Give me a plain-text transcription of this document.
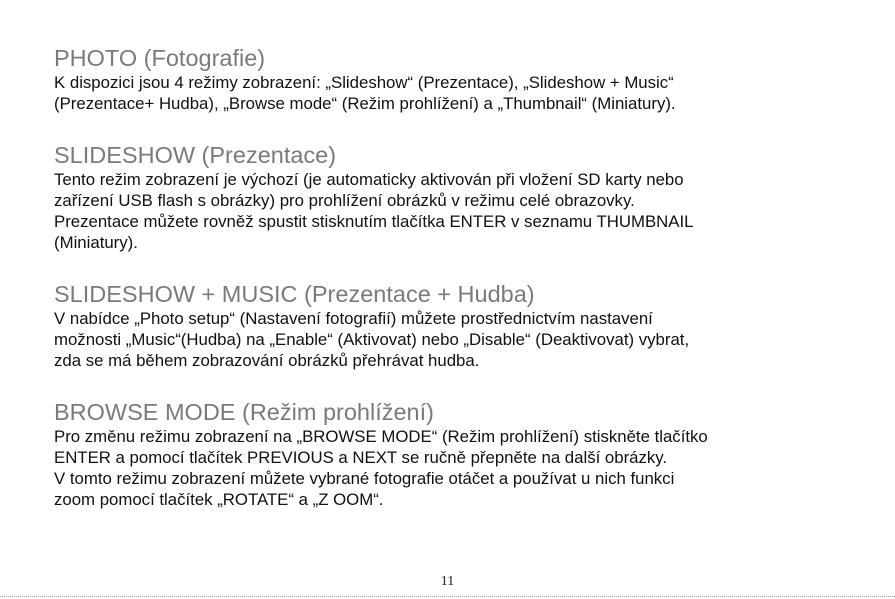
PHOTO (Fotografie)

K dispozici jsou 4 režimy zobrazení: „Slideshow“ (Prezentace), „Slideshow + Music“
(Prezentace+ Hudba), „Browse mode“ (Režim prohlížení) a „Thumbnail“ (Miniatury).

SLIDESHOW (Prezentace)

Tento režim zobrazení je výchozí (je automaticky aktivován při vložení SD karty nebo
zařízení USB flash s obrázky) pro prohlížení obrázků v režimu celé obrazovky.
Prezentace můžete rovněž spustit stisknutím tlačítka ENTER v seznamu THUMBNAIL
(Miniatury).

SLIDESHOW + MUSIC (Prezentace + Hudba)

V nabídce „Photo setup“ (Nastavení fotografií) můžete prostřednictvím nastavení
možnosti „Music“(Hudba) na „Enable“ (Aktivovat) nebo „Disable“ (Deaktivovat) vybrat,
zda se má během zobrazování obrázků přehrávat hudba.

BROWSE MODE (Režim prohlížení)

Pro změnu režimu zobrazení na „BROWSE MODE“ (Režim prohlížení) stiskněte tlačítko
ENTER a pomocí tlačítek PREVIOUS a NEXT se ručně přepněte na další obrázky.
V tomto režimu zobrazení můžete vybrané fotografie otáčet a používat u nich funkci
zoom pomocí tlačítek „ROTATE“ a „Z OOM“.

11
